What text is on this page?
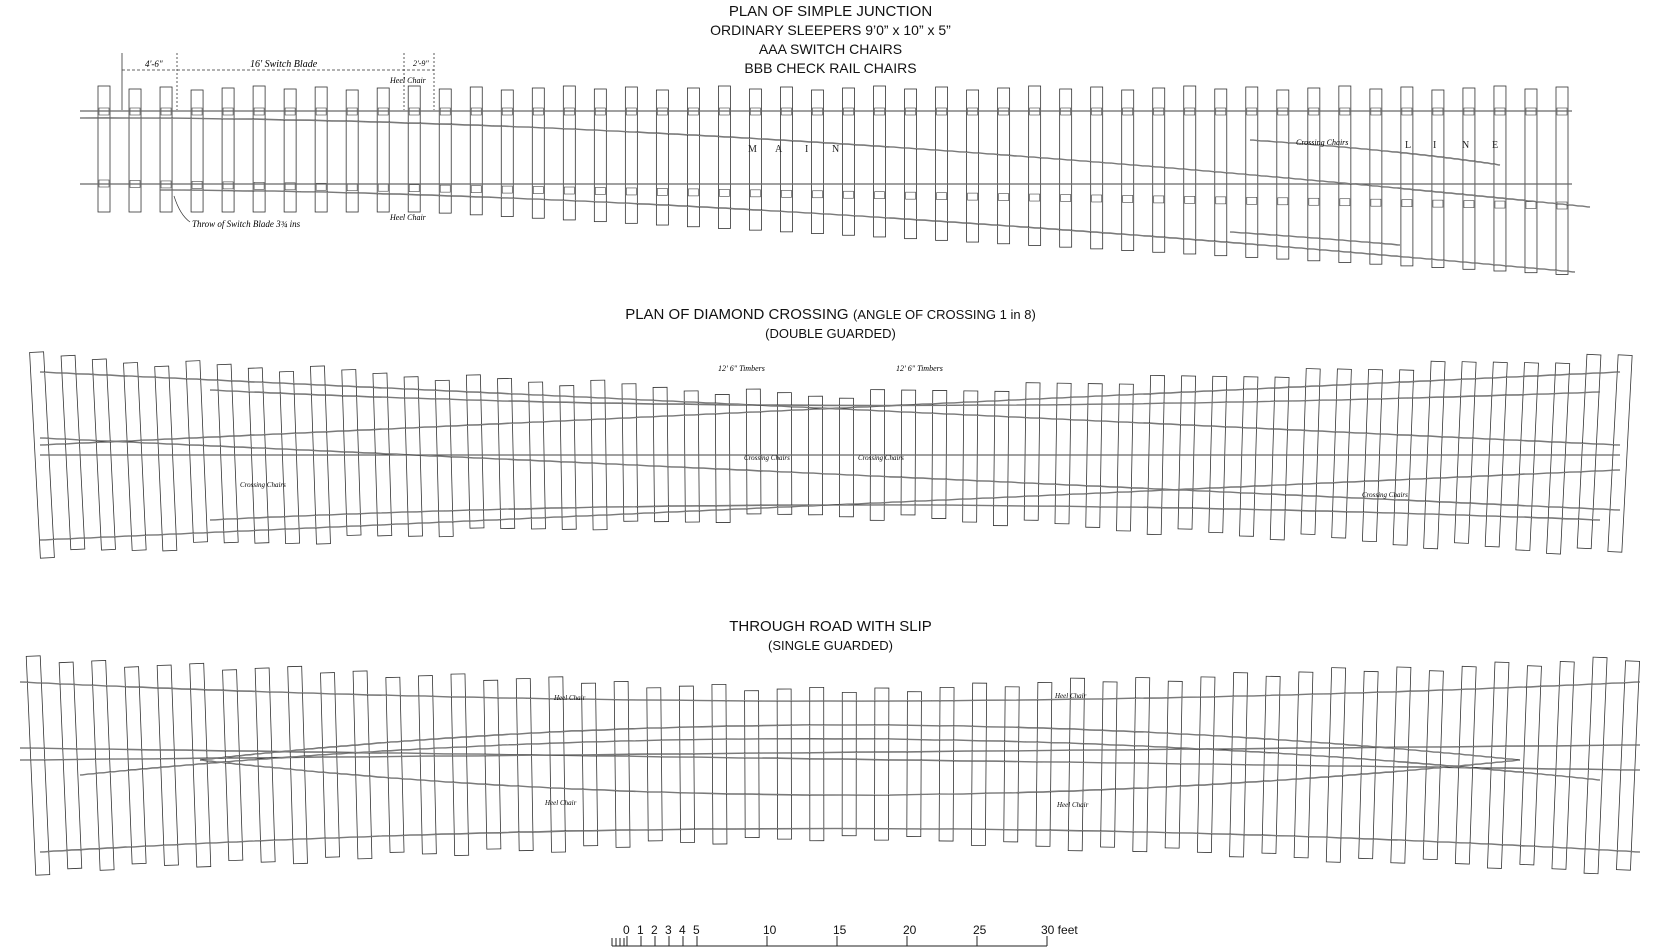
PLAN OF SIMPLE JUNCTION
ORDINARY SLEEPERS 9’0” x 10” x 5”
AAA SWITCH CHAIRS
BBB CHECK RAIL CHAIRS
PLAN OF DIAMOND CROSSING (ANGLE OF CROSSING 1 in 8)
(DOUBLE GUARDED)
THROUGH ROAD WITH SLIP
(SINGLE GUARDED)
4'-6"	16' Switch Blade	2'-9"
Heel Chair
Heel Chair
Throw of Switch Blade 3¾ ins
Crossing Chairs
M A I N	L I	N E
12' 6" Timbers	12' 6" Timbers
Crossing Chairs	Crossing Chairs
Crossing Chairs
Crossing Chairs
Heel Chair	Heel Chair
Heel Chair	Heel Chair
0 1 2 3 4 5	10	15	20	25	30 feet
